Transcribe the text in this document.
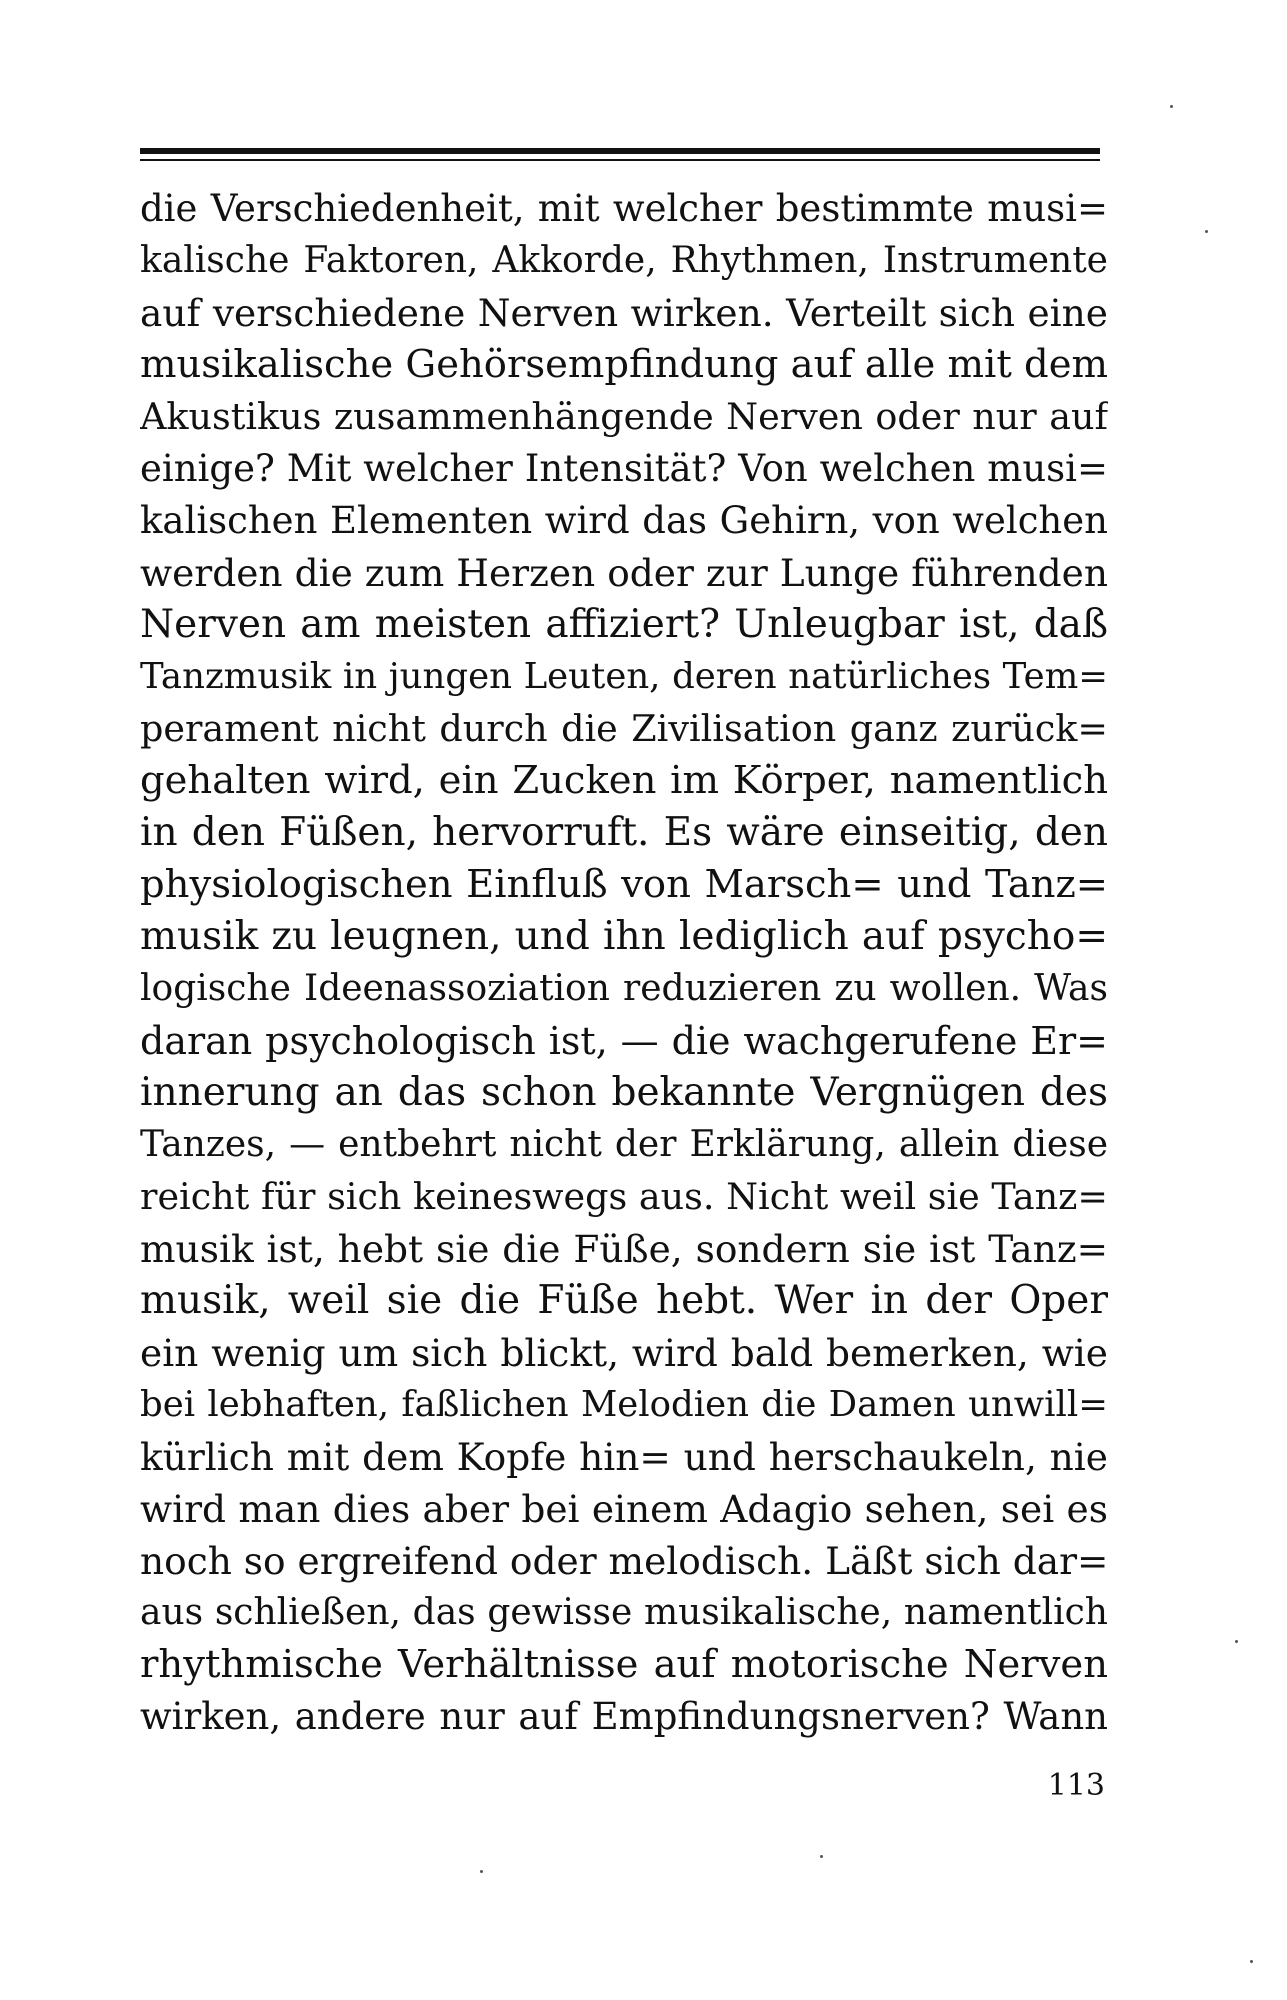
die Verschiedenheit, mit welcher bestimmte musi=
kalische Faktoren, Akkorde, Rhythmen, Instrumente
auf verschiedene Nerven wirken. Verteilt sich eine
musikalische Gehörsempfindung auf alle mit dem
Akustikus zusammenhängende Nerven oder nur auf
einige? Mit welcher Intensität? Von welchen musi=
kalischen Elementen wird das Gehirn, von welchen
werden die zum Herzen oder zur Lunge führenden
Nerven am meisten affiziert? Unleugbar ist, daß
Tanzmusik in jungen Leuten, deren natürliches Tem=
perament nicht durch die Zivilisation ganz zurück=
gehalten wird, ein Zucken im Körper, namentlich
in den Füßen, hervorruft. Es wäre einseitig, den
physiologischen Einfluß von Marsch= und Tanz=
musik zu leugnen, und ihn lediglich auf psycho=
logische Ideenassoziation reduzieren zu wollen. Was
daran psychologisch ist, — die wachgerufene Er=
innerung an das schon bekannte Vergnügen des
Tanzes, — entbehrt nicht der Erklärung, allein diese
reicht für sich keineswegs aus. Nicht weil sie Tanz=
musik ist, hebt sie die Füße, sondern sie ist Tanz=
musik, weil sie die Füße hebt. Wer in der Oper
ein wenig um sich blickt, wird bald bemerken, wie
bei lebhaften, faßlichen Melodien die Damen unwill=
kürlich mit dem Kopfe hin= und herschaukeln, nie
wird man dies aber bei einem Adagio sehen, sei es
noch so ergreifend oder melodisch. Läßt sich dar=
aus schließen, das gewisse musikalische, namentlich
rhythmische Verhältnisse auf motorische Nerven
wirken, andere nur auf Empfindungsnerven? Wann
113
